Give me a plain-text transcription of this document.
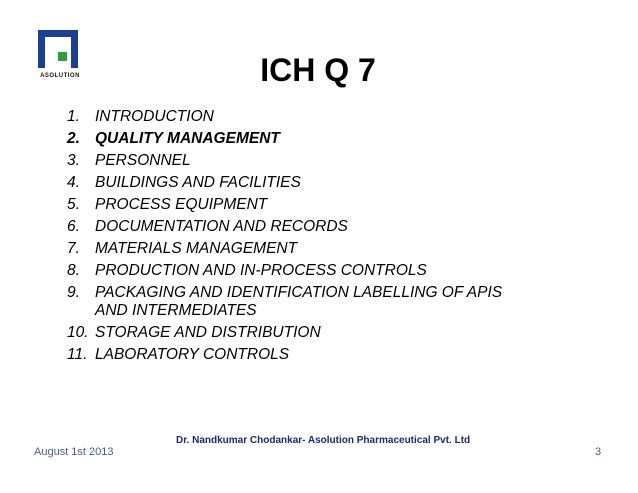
ASOLUTION	ICH Q 7
1. INTRODUCTION
2. QUALITY MANAGEMENT
3. PERSONNEL
4. BUILDINGS AND FACILITIES
5. PROCESS EQUIPMENT
6. DOCUMENTATION AND RECORDS
7. MATERIALS MANAGEMENT
8. PRODUCTION AND IN-PROCESS CONTROLS
9. PACKAGING AND IDENTIFICATION LABELLING OF APIS
AND INTERMEDIATES
10. STORAGE AND DISTRIBUTION
11. LABORATORY CONTROLS
August 1st 2013
Dr. Nandkumar Chodankar- Asolution Pharmaceutical Pvt. Ltd
3
